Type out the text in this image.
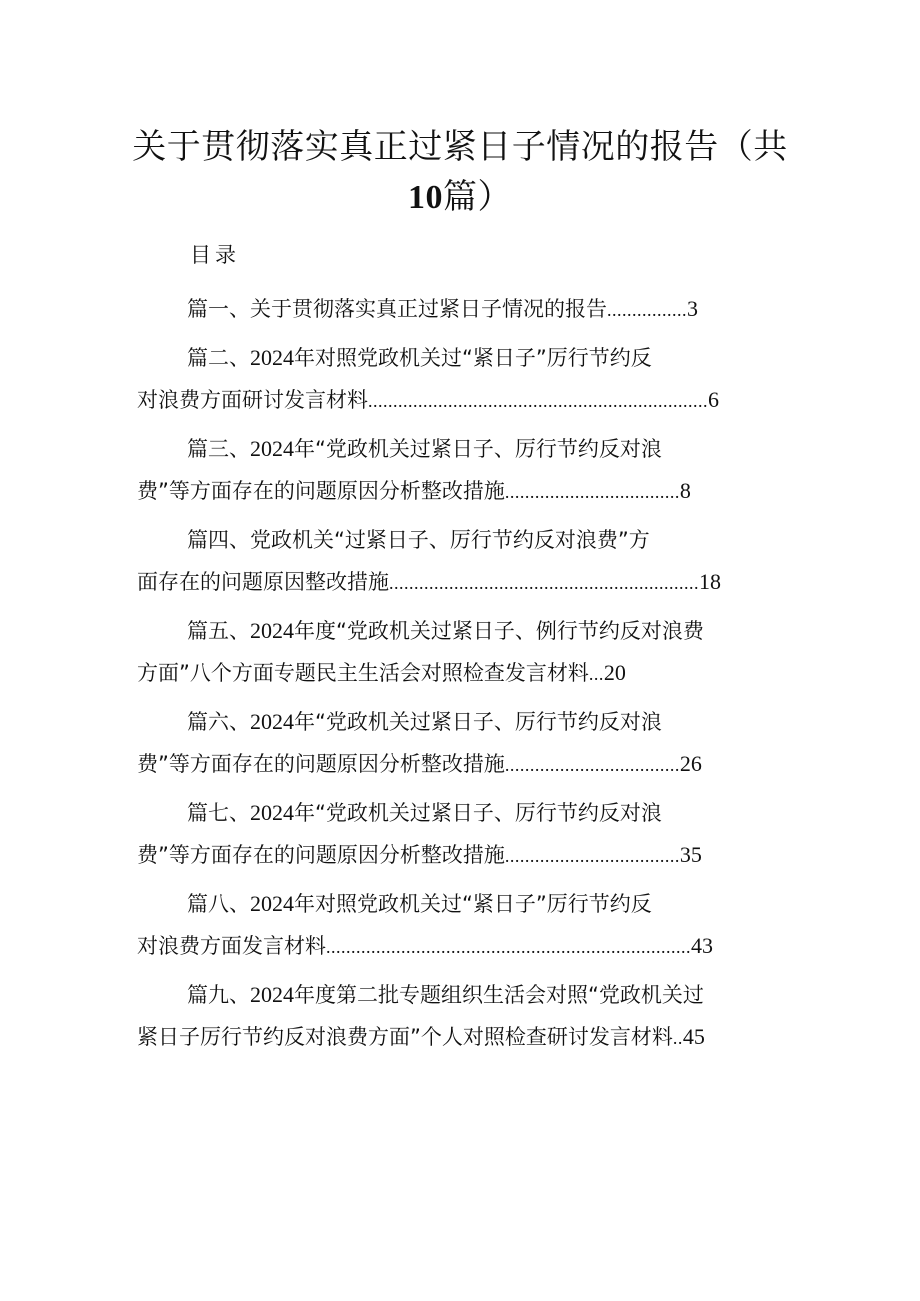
关于贯彻落实真正过紧日子情况的报告（共
10篇）
目录
篇一、关于贯彻落实真正过紧日子情况的报告 ................ 3
篇二、2024年对照党政机关过“紧日子”厉行节约反
对浪费方面研讨发言材料 .................................................................... 6
篇三、2024年“党政机关过紧日子、厉行节约反对浪
费”等方面存在的问题原因分析整改措施 ................................... 8
篇四、党政机关“过紧日子、厉行节约反对浪费”方
面存在的问题原因整改措施 .............................................................. 18
篇五、2024年度“党政机关过紧日子、例行节约反对浪费
方面”八个方面专题民主生活会对照检查发言材料 ... 20
篇六、2024年“党政机关过紧日子、厉行节约反对浪
费”等方面存在的问题原因分析整改措施 ................................... 26
篇七、2024年“党政机关过紧日子、厉行节约反对浪
费”等方面存在的问题原因分析整改措施 ................................... 35
篇八、2024年对照党政机关过“紧日子”厉行节约反
对浪费方面发言材料 ......................................................................... 43
篇九、2024年度第二批专题组织生活会对照“党政机关过
紧日子厉行节约反对浪费方面”个人对照检查研讨发言材料 .. 45
